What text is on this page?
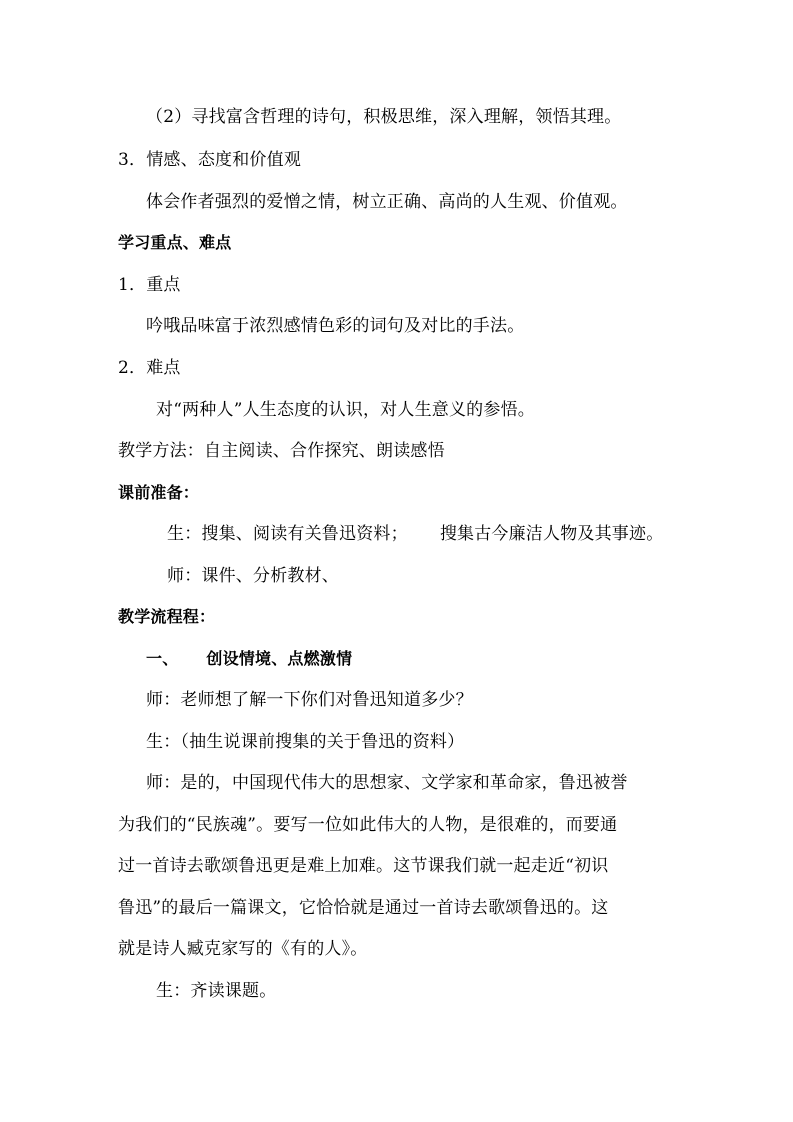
（2）寻找富含哲理的诗句，积极思维，深入理解，领悟其理。
3．情感、态度和价值观
体会作者强烈的爱憎之情，树立正确、高尚的人生观、价值观。
学习重点、难点
1．重点
吟哦品味富于浓烈感情色彩的词句及对比的手法。
2．难点
对“两种人”人生态度的认识，对人生意义的参悟。
教学方法：自主阅读、合作探究、朗读感悟
课前准备：
生：搜集、阅读有关鲁迅资料； 搜集古今廉洁人物及其事迹。
师：课件、分析教材、
教学流程程：
一、 创设情境、点燃激情
师：老师想了解一下你们对鲁迅知道多少？
生：（抽生说课前搜集的关于鲁迅的资料）
师：是的，中国现代伟大的思想家、文学家和革命家，鲁迅被誉
为我们的“民族魂”。要写一位如此伟大的人物，是很难的，而要通
过一首诗去歌颂鲁迅更是难上加难。这节课我们就一起走近“初识
鲁迅”的最后一篇课文，它恰恰就是通过一首诗去歌颂鲁迅的。这
就是诗人臧克家写的《有的人》。
生：齐读课题。
